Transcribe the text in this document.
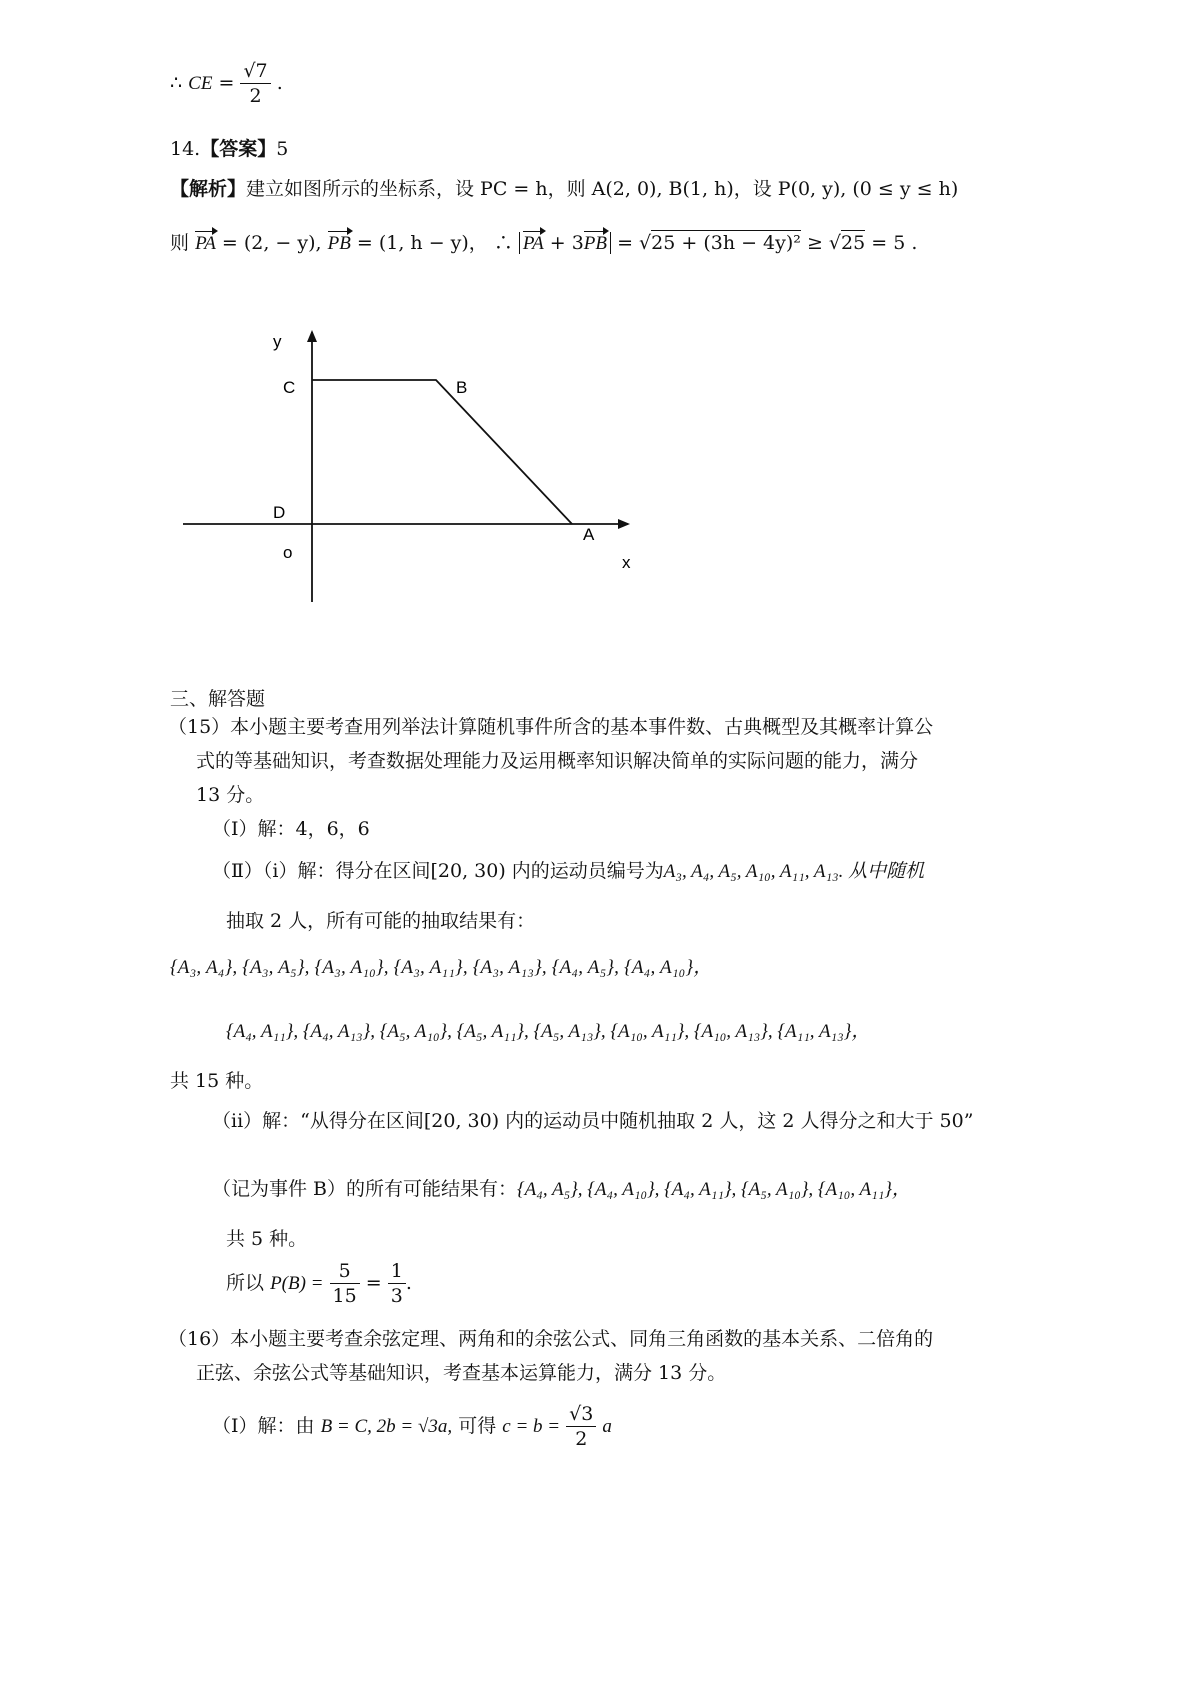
∴ CE = $\frac{√7}{2}$ .
14.【答案】5
【解析】建立如图所示的坐标系，设 PC = h，则 A(2, 0), B(1, h)，设 P(0, y), (0 ≤ y ≤ h)
则 PA = (2, − y), PB = (1, h − y)， ∴ PA + 3PB = √25 + (3h − 4y)² ≥ √25 = 5 .
y
C	B
D
A
o
x
三、解答题
（15）本小题主要考查用列举法计算随机事件所含的基本事件数、古典概型及其概率计算公
式的等基础知识，考查数据处理能力及运用概率知识解决简单的实际问题的能力，满分
13 分。
（Ⅰ）解：4，6，6
（Ⅱ）（i）解：得分在区间[20, 30) 内的运动员编号为A₃, A₄, A₅, A₁₀, A₁₁, A₁₃. 从中随机
抽取 2 人，所有可能的抽取结果有：
{A₃, A₄}, {A₃, A₅}, {A₃, A₁₀}, {A₃, A₁₁}, {A₃, A₁₃}, {A₄, A₅}, {A₄, A₁₀}，
{A₄, A₁₁}, {A₄, A₁₃}, {A₅, A₁₀}, {A₅, A₁₁}, {A₅, A₁₃}, {A₁₀, A₁₁}, {A₁₀, A₁₃}, {A₁₁, A₁₃}，
共 15 种。
（ii）解：“从得分在区间[20, 30) 内的运动员中随机抽取 2 人，这 2 人得分之和大于 50”
（记为事件 B）的所有可能结果有：{A₄, A₅}, {A₄, A₁₀}, {A₄, A₁₁}, {A₅, A₁₀}, {A₁₀, A₁₁}，
共 5 种。
所以 $P(B) = \frac{5}{15} = \frac{1}{3}$ .
（16）本小题主要考查余弦定理、两角和的余弦公式、同角三角函数的基本关系、二倍角的
正弦、余弦公式等基础知识，考查基本运算能力，满分 13 分。
（Ⅰ）解：由 B = C, 2b = √3a, 可得 $c = b = \frac{√3}{2}$ a
